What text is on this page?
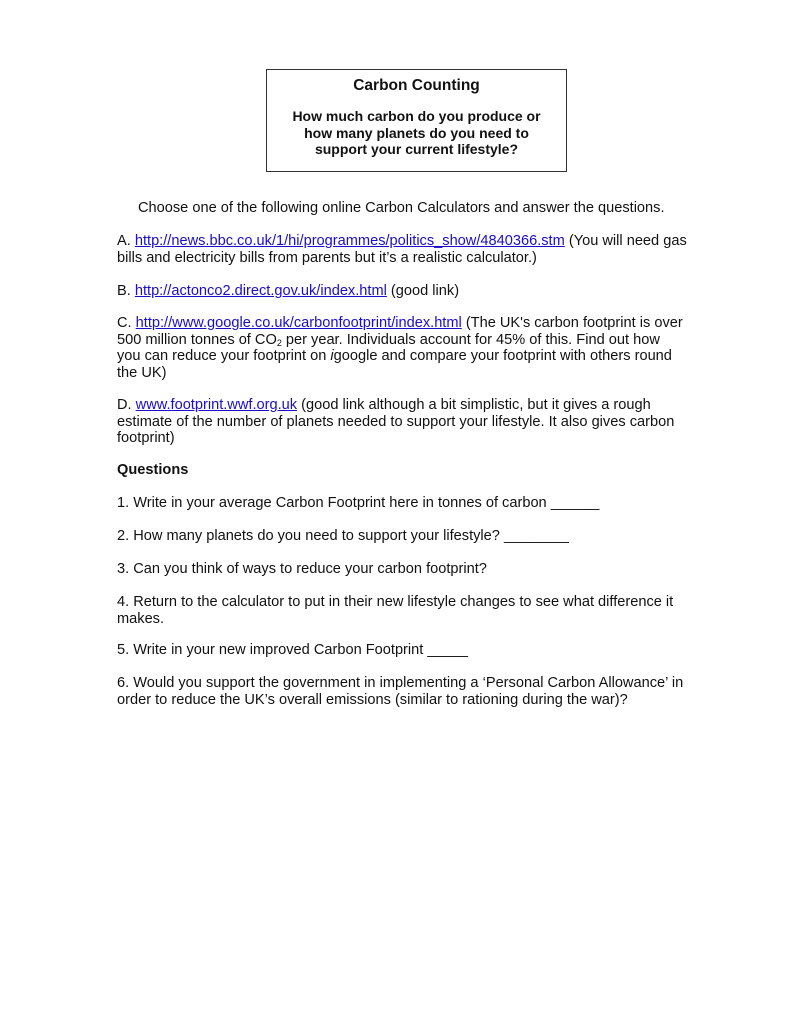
Carbon Counting
How much carbon do you produce or
how many planets do you need to
support your current lifestyle?

Choose one of the following online Carbon Calculators and answer the questions.

A. http://news.bbc.co.uk/1/hi/programmes/politics_show/4840366.stm (You will need gas bills and electricity bills from parents but it’s a realistic calculator.)

B. http://actonco2.direct.gov.uk/index.html (good link)

C. http://www.google.co.uk/carbonfootprint/index.html (The UK's carbon footprint is over 500 million tonnes of $CO_2$ per year. Individuals account for 45% of this. Find out how you can reduce your footprint on igoogle and compare your footprint with others round the UK)

D. www.footprint.wwf.org.uk (good link although a bit simplistic, but it gives a rough estimate of the number of planets needed to support your lifestyle. It also gives carbon footprint)

Questions

1. Write in your average Carbon Footprint here in tonnes of carbon ______

2. How many planets do you need to support your lifestyle? ________

3. Can you think of ways to reduce your carbon footprint?

4. Return to the calculator to put in their new lifestyle changes to see what difference it makes.

5. Write in your new improved Carbon Footprint _____

6. Would you support the government in implementing a ‘Personal Carbon Allowance’ in order to reduce the UK’s overall emissions (similar to rationing during the war)?
